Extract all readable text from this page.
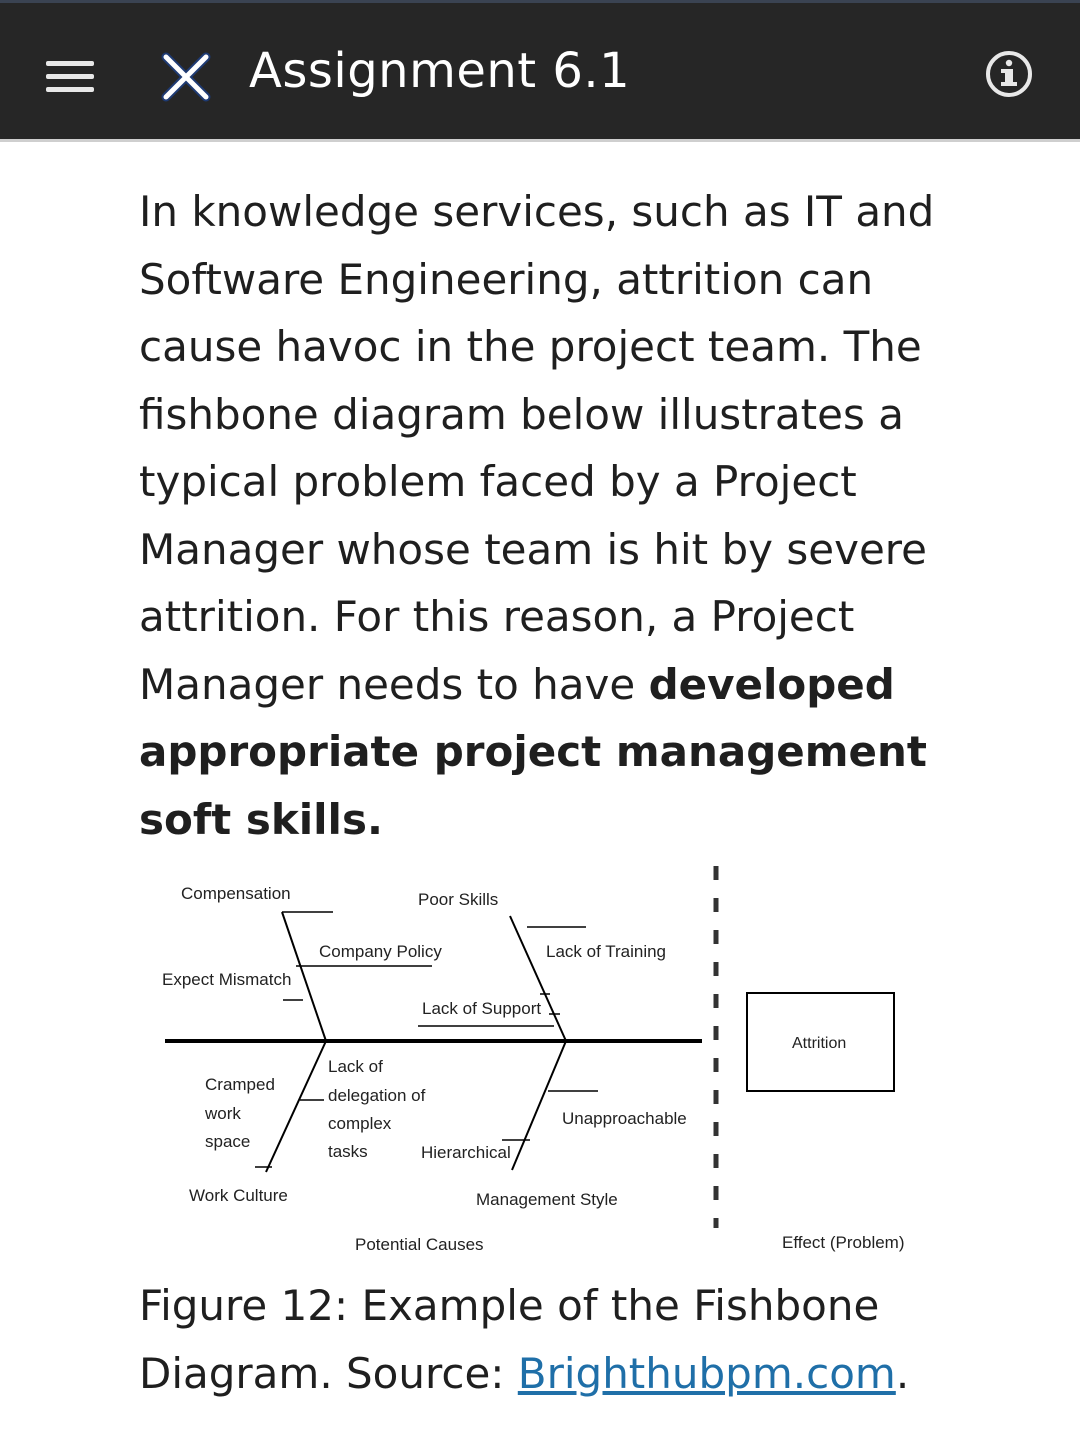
Assignment 6.1

In knowledge services, such as IT and Software Engineering, attrition can cause havoc in the project team. The fishbone diagram below illustrates a typical problem faced by a Project Manager whose team is hit by severe attrition. For this reason, a Project Manager needs to have developed appropriate project management soft skills.

Compensation	Poor Skills
Company Policy	Lack of Training
Expect Mismatch
Lack of Support
Attrition
Lack of
delegation of
complex
tasks
Cramped
work
space
Unapproachable
Hierarchical
Work Culture	Management Style
Potential Causes	Effect (Problem)
Figure 12: Example of the Fishbone Diagram. Source: Brighthubpm.com.
